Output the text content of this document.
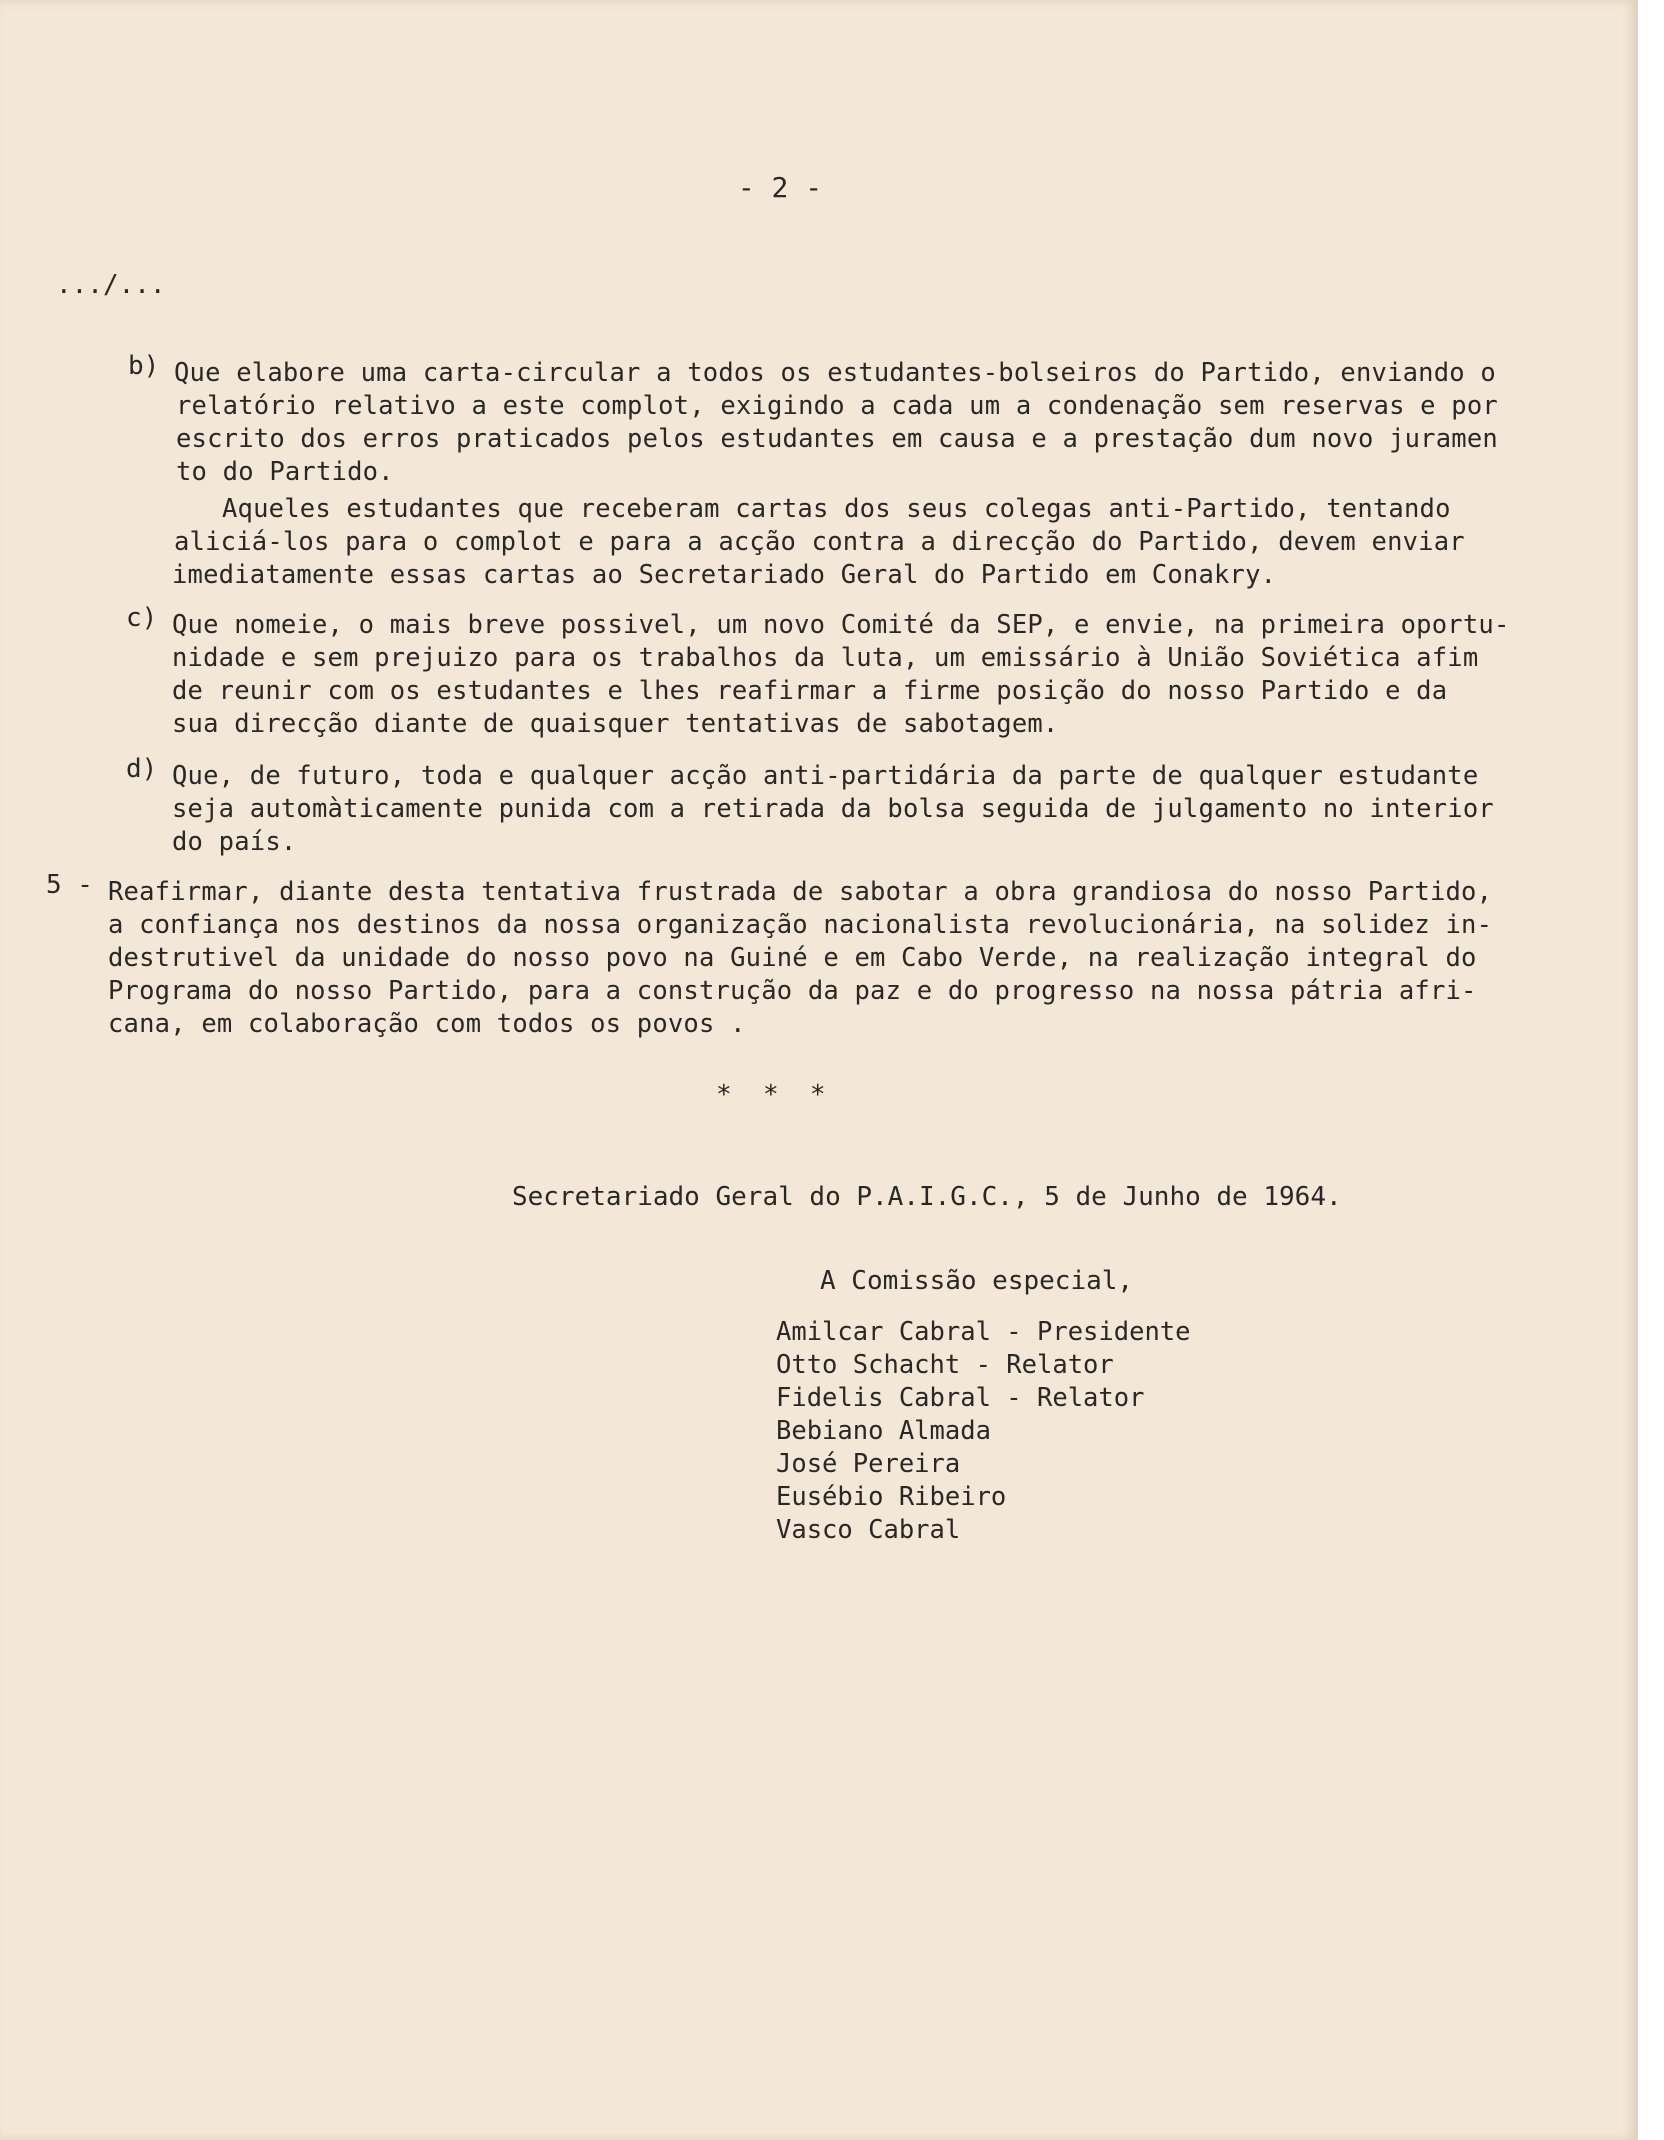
- 2 -
.../...
b) Que elabore uma carta-circular a todos os estudantes-bolseiros do Partido, enviando o
relatório relativo a este complot, exigindo a cada um a condenação sem reservas e por
escrito dos erros praticados pelos estudantes em causa e a prestação dum novo juramen
to do Partido.
Aqueles estudantes que receberam cartas dos seus colegas anti-Partido, tentando
aliciá-los para o complot e para a acção contra a direcção do Partido, devem enviar
imediatamente essas cartas ao Secretariado Geral do Partido em Conakry.
c) Que nomeie, o mais breve possivel, um novo Comité da SEP, e envie, na primeira oportu-
nidade e sem prejuizo para os trabalhos da luta, um emissário à União Soviética afim
de reunir com os estudantes e lhes reafirmar a firme posição do nosso Partido e da
sua direcção diante de quaisquer tentativas de sabotagem.
d) Que, de futuro, toda e qualquer acção anti-partidária da parte de qualquer estudante
seja automàticamente punida com a retirada da bolsa seguida de julgamento no interior
do país.
5 - Reafirmar, diante desta tentativa frustrada de sabotar a obra grandiosa do nosso Partido,
a confiança nos destinos da nossa organização nacionalista revolucionária, na solidez in-
destrutivel da unidade do nosso povo na Guiné e em Cabo Verde, na realização integral do
Programa do nosso Partido, para a construção da paz e do progresso na nossa pátria afri-
cana, em colaboração com todos os povos .
*  *  *
Secretariado Geral do P.A.I.G.C., 5 de Junho de 1964.
A Comissão especial,
Amilcar Cabral - Presidente
Otto Schacht - Relator
Fidelis Cabral - Relator
Bebiano Almada
José Pereira
Eusébio Ribeiro
Vasco Cabral
